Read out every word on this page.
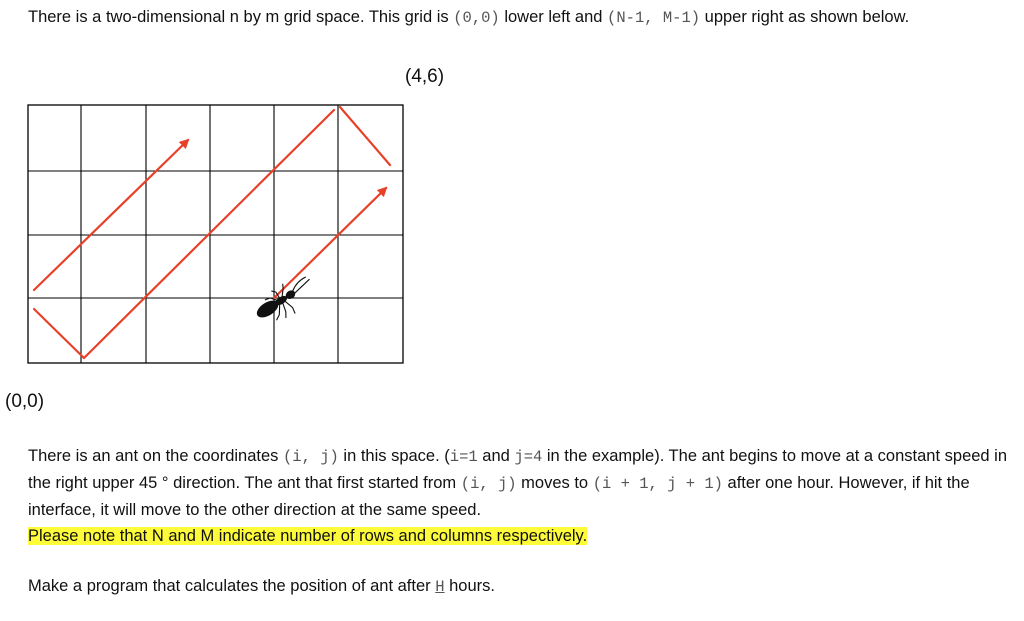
There is a two-dimensional n by m grid space. This grid is (0,0) lower left and (N-1, M-1) upper right as shown below.

(4,6)
(0,0)

There is an ant on the coordinates (i, j) in this space. (i=1 and j=4 in the example). The ant begins to move at a constant speed in the right upper 45 ° direction. The ant that first started from (i, j) moves to (i + 1, j + 1) after one hour. However, if hit the interface, it will move to the other direction at the same speed.
Please note that N and M indicate number of rows and columns respectively.

Make a program that calculates the position of ant after H hours.
